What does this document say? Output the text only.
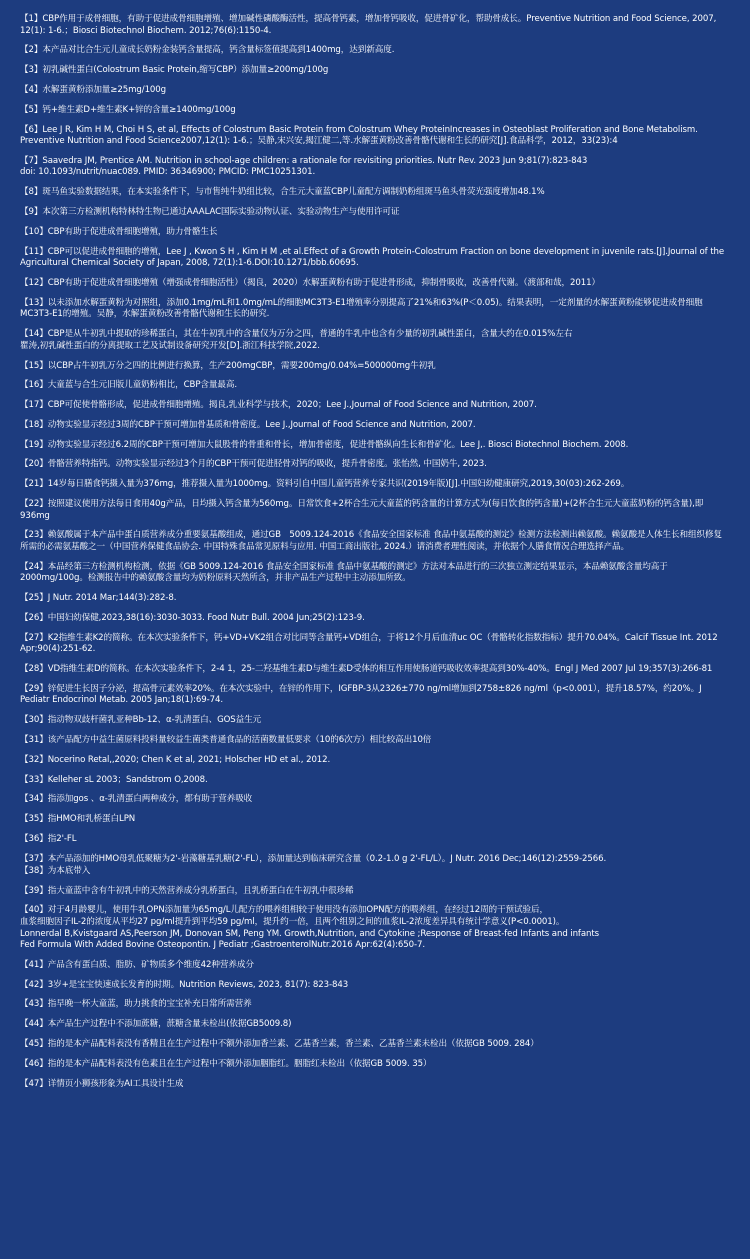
【1】CBP作用于成骨细胞，有助于促进成骨细胞增殖、增加碱性磷酸酶活性，提高骨钙素，增加骨钙吸收，促进骨矿化，帮助骨成长。Preventive Nutrition and Food Science, 2007, 12(1): 1-6.；Biosci Biotechnol Biochem. 2012;76(6):1150-4.
【2】本产品对比合生元儿童成长奶粉金装钙含量提高，钙含量标签值提高到1400mg，达到新高度.
【3】初乳碱性蛋白(Colostrum Basic Protein,缩写CBP）添加量≥200mg/100g
【4】水解蛋黄粉添加量≥25mg/100g
【5】钙+维生素D+维生素K+锌的含量≥1400mg/100g
【6】Lee J R, Kim H M, Choi H S, et al, Effects of Colostrum Basic Protein from Colostrum Whey ProteinIncreases in Osteoblast Proliferation and Bone Metabolism. Preventive Nutrition and Food Science2007,12(1): 1-6.；吴静,宋兴安,揭江健二,等.水解蛋黄粉改善骨骼代谢和生长的研究[J].食品科学，2012，33(23):4
【7】Saavedra JM, Prentice AM. Nutrition in school-age children: a rationale for revisiting priorities. Nutr Rev. 2023 Jun 9;81(7):823-843
doi: 10.1093/nutrit/nuac089. PMID: 36346900; PMCID: PMC10251301.
【8】斑马鱼实验数据结果，在本实验条件下，与市售纯牛奶组比较，合生元大童蓝CBP儿童配方调制奶粉组斑马鱼头骨荧光强度增加48.1%
【9】本次第三方检测机构特林特生物已通过AAALAC国际实验动物认证、实验动物生产与使用许可证
【10】CBP有助于促进成骨细胞增殖，助力骨骼生长
【11】CBP可以促进成骨细胞的增殖，Lee J , Kwon S H , Kim H M ,et al.Effect of a Growth Protein-Colostrum Fraction on bone development in juvenile rats.[J].Journal of the Agricultural Chemical Society of Japan, 2008, 72(1):1-6.DOI:10.1271/bbb.60695.
【12】CBP有助于促进成骨细胞增殖（增强成骨细胞活性）（揭良，2020）水解蛋黄粉有助于促进骨形成，抑制骨吸收，改善骨代谢。（渡部和哉，2011）
【13】以未添加水解蛋黄粉为对照组，添加0.1mg/mL和1.0mg/mL的细胞MC3T3-E1增殖率分别提高了21%和63%(P＜0.05)。结果表明，一定剂量的水解蛋黄粉能够促进成骨细胞MC3T3-E1的增殖。吴静，水解蛋黄粉改善骨骼代谢和生长的研究.
【14】CBP是从牛初乳中提取的珍稀蛋白，其在牛初乳中的含量仅为万分之四，普通的牛乳中也含有少量的初乳碱性蛋白，含量大约在0.015%左右
瞿涛,初乳碱性蛋白的分离提取工艺及试制设备研究开发[D].浙江科技学院,2022.
【15】以CBP占牛初乳万分之四的比例进行换算，生产200mgCBP，需要200mg/0.04%=500000mg牛初乳
【16】大童蓝与合生元旧版儿童奶粉相比，CBP含量最高.
【17】CBP可促使骨骼形成，促进成骨细胞增殖。揭良,乳业科学与技术，2020；Lee J.,Journal of Food Science and Nutrition, 2007.
【18】动物实验显示经过3周的CBP干预可增加骨基质和骨密度。Lee J.,Journal of Food Science and Nutrition, 2007.
【19】动物实验显示经过6.2周的CBP干预可增加大鼠股骨的骨重和骨长，增加骨密度，促进骨骼纵向生长和骨矿化。Lee J,. Biosci Biotechnol Biochem. 2008.
【20】骨骼营养特指钙。动物实验显示经过3个月的CBP干预可促进胫骨对钙的吸收，提升骨密度。张怡然, 中国奶牛, 2023.
【21】14岁每日膳食钙摄入量为376mg，推荐摄入量为1000mg。资料引自中国儿童钙营养专家共识(2019年版)[J].中国妇幼健康研究,2019,30(03):262-269。
【22】按照建议使用方法每日食用40g产品，日均摄入钙含量为560mg。日常饮食+2杯合生元大童蓝的钙含量的计算方式为(每日饮食的钙含量)+(2杯合生元大童蓝奶粉的钙含量),即936mg
【23】赖氨酸属于本产品中蛋白质营养成分重要氨基酸组成，通过GB　5009.124-2016《食品安全国家标准 食品中氨基酸的测定》检测方法检测出赖氨酸。赖氨酸是人体生长和组织修复所需的必需氨基酸之一（中国营养保健食品协会. 中国特殊食品常见原料与应用. 中国工商出版社, 2024.）请消费者理性阅读，并依据个人膳食情况合理选择产品。
【24】本品经第三方检测机构检测，依据《GB 5009.124-2016 食品安全国家标准 食品中氨基酸的测定》方法对本品进行的三次独立测定结果显示，本品赖氨酸含量均高于2000mg/100g。检测报告中的赖氨酸含量均为奶粉原料天然所含，并非产品生产过程中主动添加所致。
【25】J Nutr. 2014 Mar;144(3):282-8.
【26】中国妇幼保健,2023,38(16):3030-3033. Food Nutr Bull. 2004 Jun;25(2):123-9.
【27】K2指维生素K2的简称。在本次实验条件下，钙+VD+VK2组合对比同等含量钙+VD组合，于将12个月后血清uc OC（骨骼转化指数指标）提升70.04%。Calcif Tissue Int. 2012 Apr;90(4):251-62.
【28】VD指维生素D的简称。在本次实验条件下，2-4 1，25-二羟基维生素D与维生素D受体的相互作用使肠道钙吸收效率提高到30%-40%。Engl J Med 2007 Jul 19;357(3):266-81
【29】锌促进生长因子分泌，提高骨元素效率20%。在本次实验中，在锌的作用下，IGFBP-3从2326±770 ng/ml增加到2758±826 ng/ml（p<0.001），提升18.57%，约20%。J Pediatr Endocrinol Metab. 2005 Jan;18(1):69-74.
【30】指动物双歧杆菌乳亚种Bb-12、α-乳清蛋白、GOS益生元
【31】该产品配方中益生菌原料投料量较益生菌类普通食品的活菌数量低要求（10的6次方）相比较高出10倍
【32】Nocerino Retal,,2020; Chen K et al, 2021; Holscher HD et al., 2012.
【33】Kelleher sL 2003；Sandstrom O,2008.
【34】指添加gos 、α-乳清蛋白两种成分，都有助于营养吸收
【35】指HMO和乳桥蛋白LPN
【36】指2'-FL
【37】本产品添加的HMO母乳低聚糖为2'-岩藻糖基乳糖(2'-FL），添加量达到临床研究含量（0.2-1.0 g 2'-FL/L）。J Nutr. 2016 Dec;146(12):2559-2566.
【38】为本底带入
【39】指大童蓝中含有牛初乳中的天然营养成分乳桥蛋白，且乳桥蛋白在牛初乳中很珍稀
【40】对于4月龄婴儿，使用牛乳OPN添加量为65mg/L儿配方的喂养组相较于使用没有添加OPN配方的喂养组，在经过12周的干预试验后，
血浆细胞因子IL-2的浓度从平均27 pg/ml提升到平均59 pg/ml，提升约一倍，且两个组别之间的血浆IL-2浓度差异具有统计学意义(P<0.0001)。
Lonnerdal B,Kvistgaard AS,Peerson JM, Donovan SM, Peng YM. Growth,Nutrition, and Cytokine ;Response of Breast-fed Infants and infants
Fed Formula With Added Bovine Osteopontin. J Pediatr ;GastroenterolNutr.2016 Apr:62(4):650-7.
【41】产品含有蛋白质、脂肪、矿物质多个维度42种营养成分
【42】3岁+是宝宝快速成长发育的时期。Nutrition Reviews, 2023, 81(7): 823-843
【43】指早晚一杯大童蓝，助力挑食的宝宝补充日常所需营养
【44】本产品生产过程中不添加蔗糖，蔗糖含量未检出(依据GB5009.8)
【45】指的是本产品配料表没有香精且在生产过程中不额外添加香兰素、乙基香兰素，香兰素、乙基香兰素未检出（依据GB 5009. 284）
【46】指的是本产品配料表没有色素且在生产过程中不额外添加胭脂红。胭脂红未检出（依据GB 5009. 35）
【47】详情页小狮孩形象为AI工具设计生成
